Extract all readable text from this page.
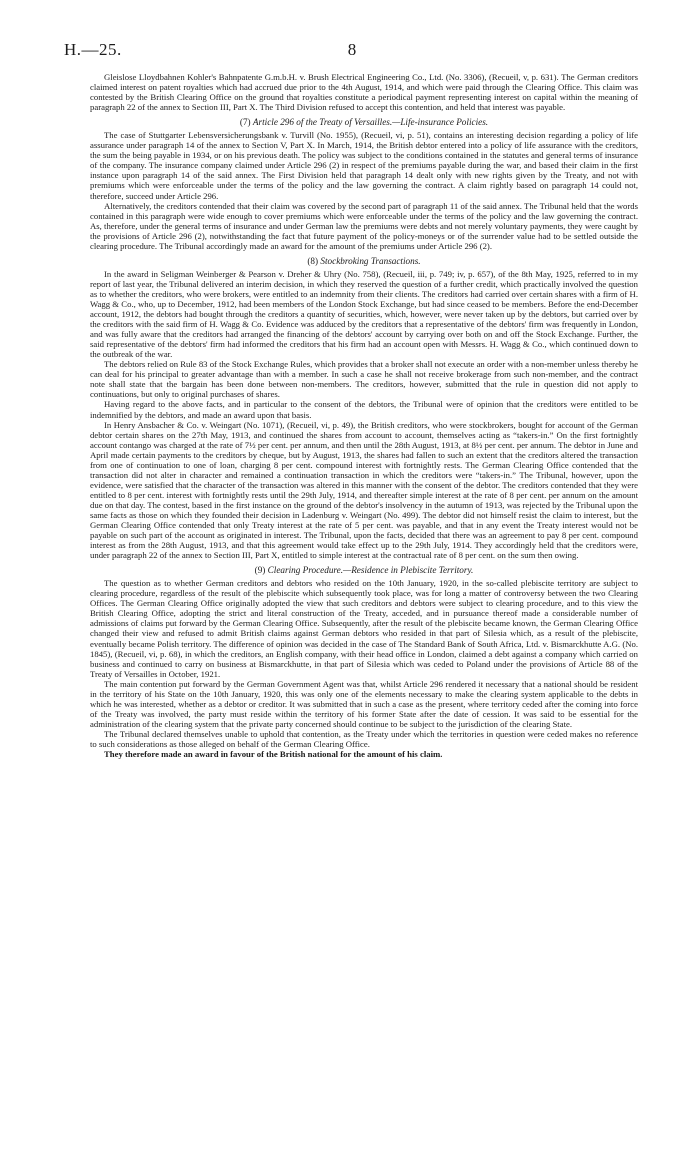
H.—25.	8

Gleislose Lloydbahnen Kohler's Bahnpatente G.m.b.H. v. Brush Electrical Engineering Co., Ltd. (No. 3306), (Recueil, v, p. 631). The German creditors claimed interest on patent royalties which had accrued due prior to the 4th August, 1914, and which were paid through the Clearing Office. This claim was contested by the British Clearing Office on the ground that royalties constitute a periodical payment representing interest on capital within the meaning of paragraph 22 of the annex to Section III, Part X. The Third Division refused to accept this contention, and held that interest was payable.

(7) Article 296 of the Treaty of Versailles.—Life-insurance Policies.

The case of Stuttgarter Lebensversicherungsbank v. Turvill (No. 1955), (Recueil, vi, p. 51), contains an interesting decision regarding a policy of life assurance under paragraph 14 of the annex to Section V, Part X. In March, 1914, the British debtor entered into a policy of life assurance with the creditors, the sum the being payable in 1934, or on his previous death. The policy was subject to the conditions contained in the statutes and general terms of insurance of the company. The insurance company claimed under Article 296 (2) in respect of the premiums payable during the war, and based their claim in the first instance upon paragraph 14 of the said annex. The First Division held that paragraph 14 dealt only with new rights given by the Treaty, and not with premiums which were enforceable under the terms of the policy and the law governing the contract. A claim rightly based on paragraph 14 could not, therefore, succeed under Article 296.

Alternatively, the creditors contended that their claim was covered by the second part of paragraph 11 of the said annex. The Tribunal held that the words contained in this paragraph were wide enough to cover premiums which were enforceable under the terms of the policy and the law governing the contract. As, therefore, under the general terms of insurance and under German law the premiums were debts and not merely voluntary payments, they were caught by the provisions of Article 296 (2), notwithstanding the fact that future payment of the policy-moneys or of the surrender value had to be settled outside the clearing procedure. The Tribunal accordingly made an award for the amount of the premiums under Article 296 (2).

(8) Stockbroking Transactions.

In the award in Seligman Weinberger & Pearson v. Dreher & Uhry (No. 758), (Recueil, iii, p. 749; iv, p. 657), of the 8th May, 1925, referred to in my report of last year, the Tribunal delivered an interim decision, in which they reserved the question of a further credit, which practically involved the question as to whether the creditors, who were brokers, were entitled to an indemnity from their clients. The creditors had carried over certain shares with a firm of H. Wagg & Co., who, up to December, 1912, had been members of the London Stock Exchange, but had since ceased to be members. Before the end-December account, 1912, the debtors had bought through the creditors a quantity of securities, which, however, were never taken up by the debtors, but carried over by the creditors with the said firm of H. Wagg & Co. Evidence was adduced by the creditors that a representative of the debtors' firm was frequently in London, and was fully aware that the creditors had arranged the financing of the debtors' account by carrying over both on and off the Stock Exchange. Further, the said representative of the debtors' firm had informed the creditors that his firm had an account open with Messrs. H. Wagg & Co., which continued down to the outbreak of the war.

The debtors relied on Rule 83 of the Stock Exchange Rules, which provides that a broker shall not execute an order with a non-member unless thereby he can deal for his principal to greater advantage than with a member. In such a case he shall not receive brokerage from such non-member, and the contract note shall state that the bargain has been done between non-members. The creditors, however, submitted that the rule in question did not apply to continuations, but only to original purchases of shares.

Having regard to the above facts, and in particular to the consent of the debtors, the Tribunal were of opinion that the creditors were entitled to be indemnified by the debtors, and made an award upon that basis.

In Henry Ansbacher & Co. v. Weingart (No. 1071), (Recueil, vi, p. 49), the British creditors, who were stockbrokers, bought for account of the German debtor certain shares on the 27th May, 1913, and continued the shares from account to account, themselves acting as “takers-in.” On the first fortnightly account contango was charged at the rate of 7½ per cent. per annum, and then until the 28th August, 1913, at 8½ per cent. per annum. The debtor in June and April made certain payments to the creditors by cheque, but by August, 1913, the shares had fallen to such an extent that the creditors altered the transaction from one of continuation to one of loan, charging 8 per cent. compound interest with fortnightly rests. The German Clearing Office contended that the transaction did not alter in character and remained a continuation transaction in which the creditors were “takers-in.” The Tribunal, however, upon the evidence, were satisfied that the character of the transaction was altered in this manner with the consent of the debtor. The creditors contended that they were entitled to 8 per cent. interest with fortnightly rests until the 29th July, 1914, and thereafter simple interest at the rate of 8 per cent. per annum on the amount due on that day. The contest, based in the first instance on the ground of the debtor's insolvency in the autumn of 1913, was rejected by the Tribunal upon the same facts as those on which they founded their decision in Ladenburg v. Weingart (No. 499). The debtor did not himself resist the claim to interest, but the German Clearing Office contended that only Treaty interest at the rate of 5 per cent. was payable, and that in any event the Treaty interest would not be payable on such part of the account as originated in interest. The Tribunal, upon the facts, decided that there was an agreement to pay 8 per cent. compound interest as from the 28th August, 1913, and that this agreement would take effect up to the 29th July, 1914. They accordingly held that the creditors were, under paragraph 22 of the annex to Section III, Part X, entitled to simple interest at the contractual rate of 8 per cent. on the sum then owing.

(9) Clearing Procedure.—Residence in Plebiscite Territory.

The question as to whether German creditors and debtors who resided on the 10th January, 1920, in the so-called plebiscite territory are subject to clearing procedure, regardless of the result of the plebiscite which subsequently took place, was for long a matter of controversy between the two Clearing Offices. The German Clearing Office originally adopted the view that such creditors and debtors were subject to clearing procedure, and to this view the British Clearing Office, adopting the strict and literal construction of the Treaty, acceded, and in pursuance thereof made a considerable number of admissions of claims put forward by the German Clearing Office. Subsequently, after the result of the plebiscite became known, the German Clearing Office changed their view and refused to admit British claims against German debtors who resided in that part of Silesia which, as a result of the plebiscite, eventually became Polish territory. The difference of opinion was decided in the case of The Standard Bank of South Africa, Ltd. v. Bismarckhutte A.G. (No. 1845), (Recueil, vi, p. 68), in which the creditors, an English company, with their head office in London, claimed a debt against a company which carried on business and continued to carry on business at Bismarckhutte, in that part of Silesia which was ceded to Poland under the provisions of Article 88 of the Treaty of Versailles in October, 1921.

The main contention put forward by the German Government Agent was that, whilst Article 296 rendered it necessary that a national should be resident in the territory of his State on the 10th January, 1920, this was only one of the elements necessary to make the clearing system applicable to the debts in which he was interested, whether as a debtor or creditor. It was submitted that in such a case as the present, where territory ceded after the coming into force of the Treaty was involved, the party must reside within the territory of his former State after the date of cession. It was said to be essential for the administration of the clearing system that the private party concerned should continue to be subject to the jurisdiction of the clearing State.

The Tribunal declared themselves unable to uphold that contention, as the Treaty under which the territories in question were ceded makes no reference to such considerations as those alleged on behalf of the German Clearing Office.

They therefore made an award in favour of the British national for the amount of his claim.
